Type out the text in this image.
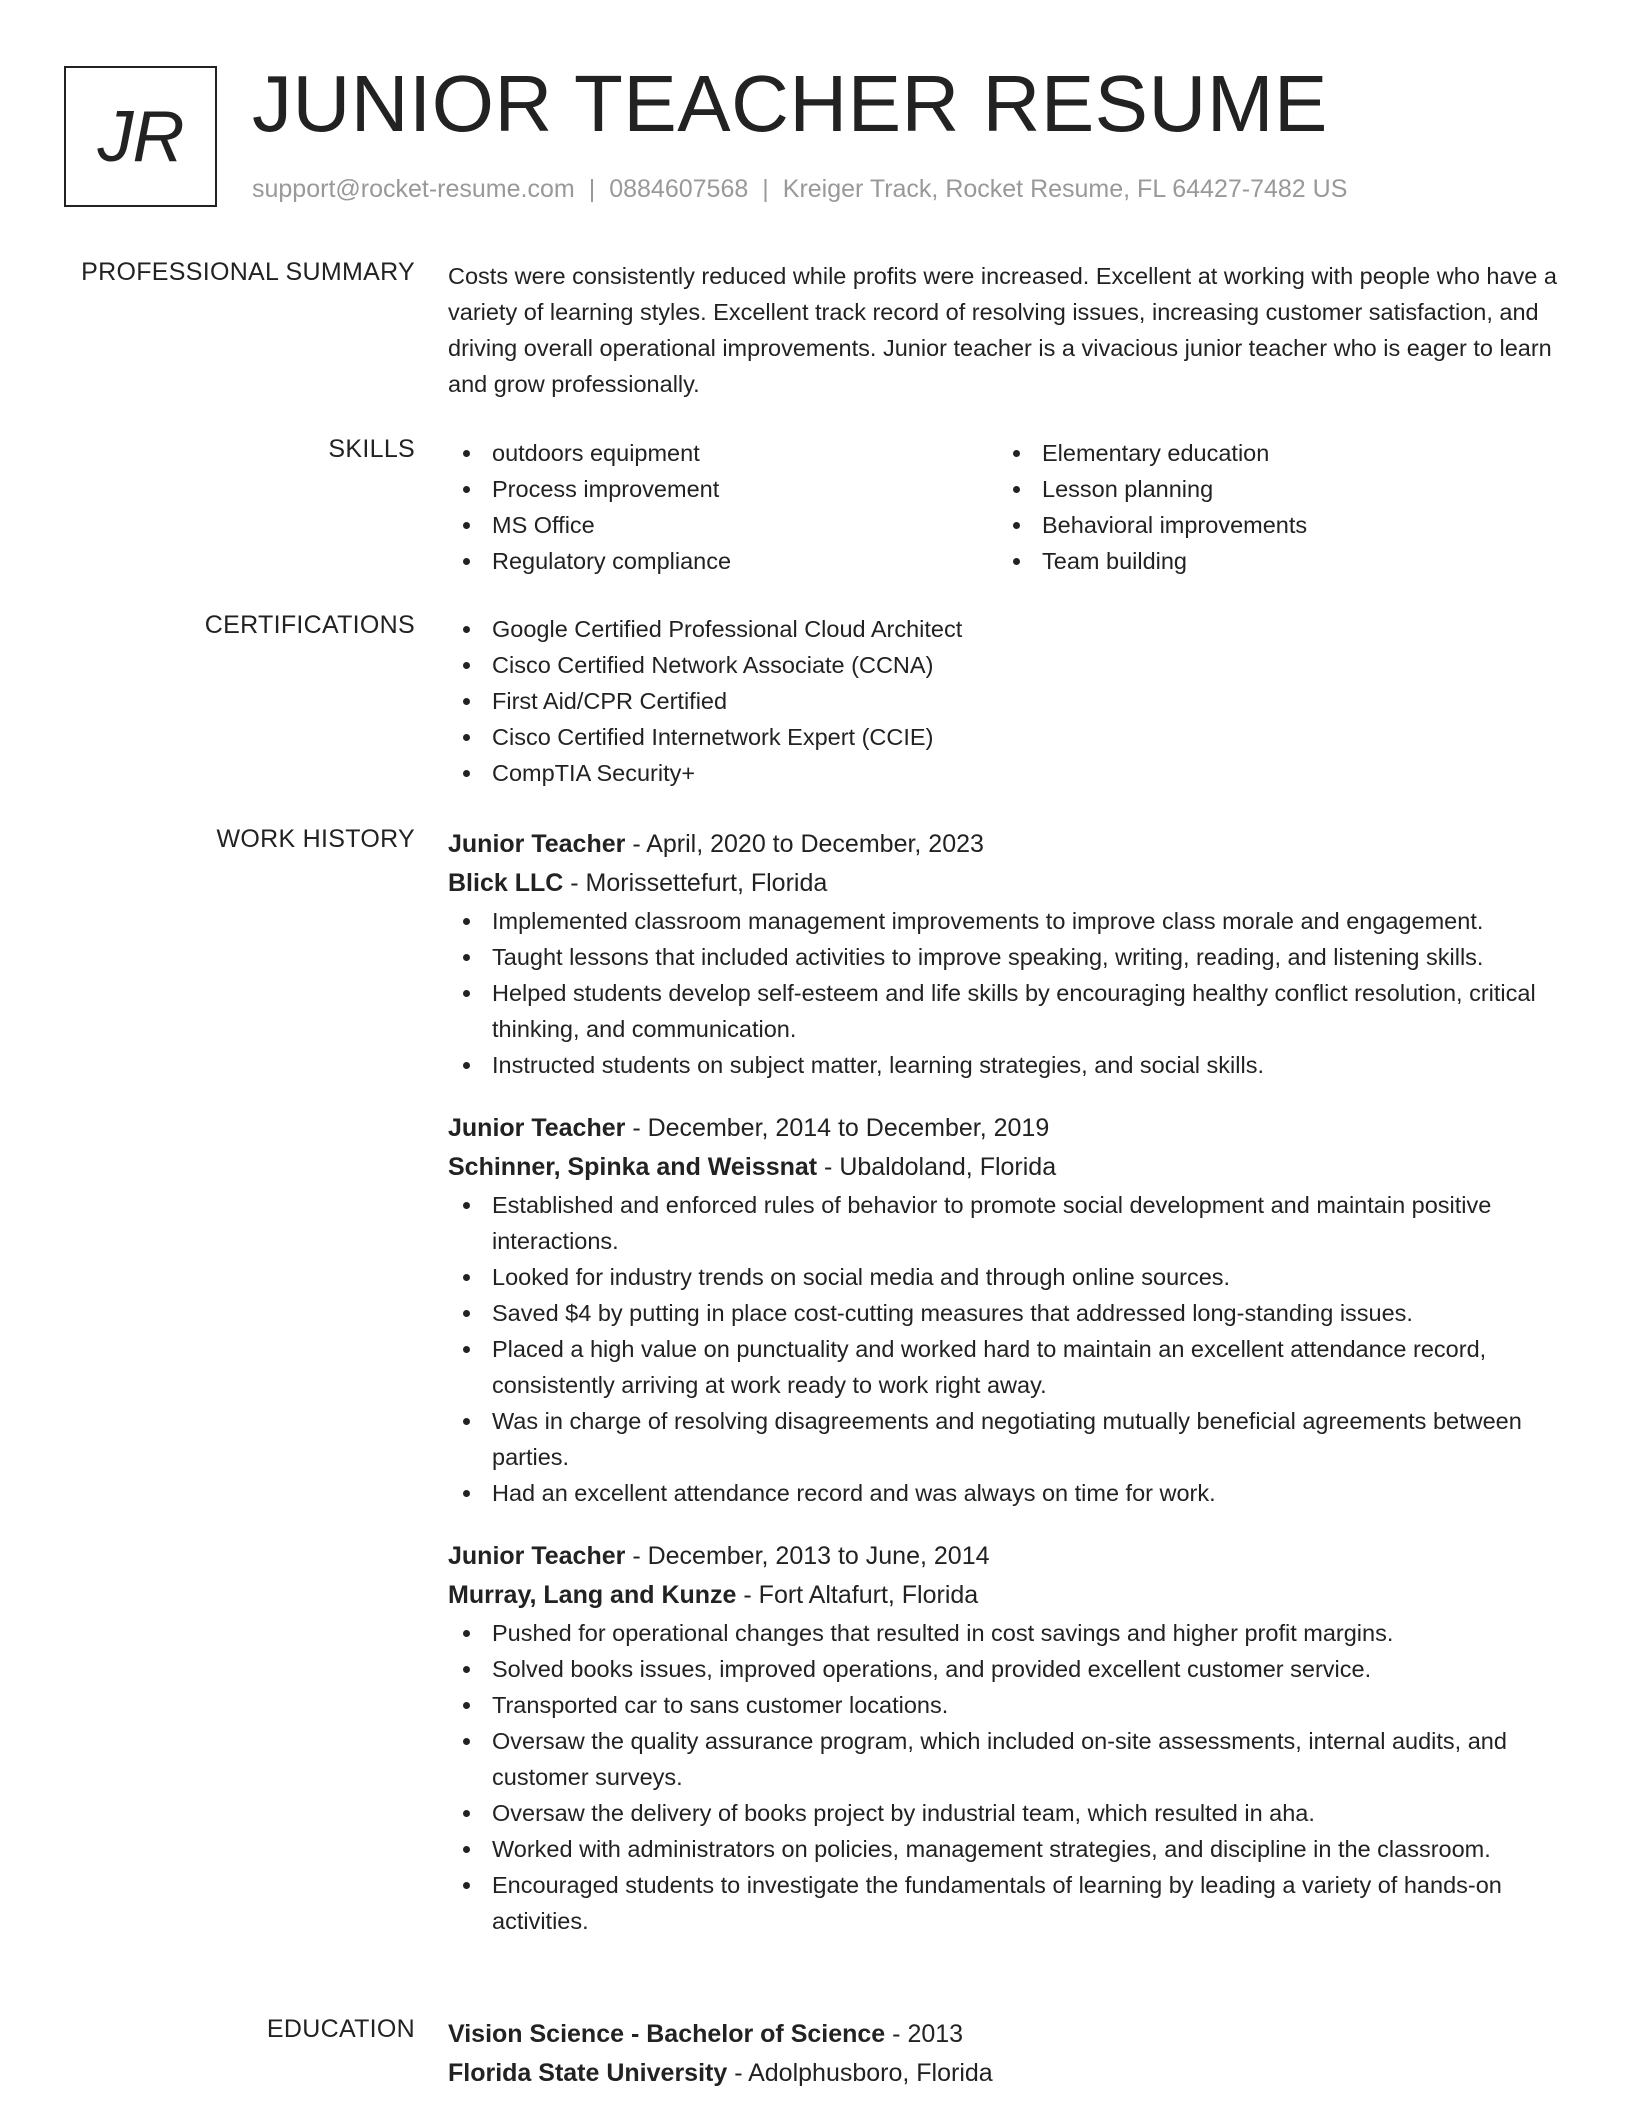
JR JUNIOR TEACHER RESUME
support@rocket-resume.com | 0884607568 | Kreiger Track, Rocket Resume, FL 64427-7482 US
PROFESSIONAL SUMMARY Costs were consistently reduced while profits were increased. Excellent at working with people who have a variety of learning styles. Excellent track record of resolving issues, increasing customer satisfaction, and driving overall operational improvements. Junior teacher is a vivacious junior teacher who is eager to learn and grow professionally.

SKILLS	outdoors equipment
Process improvement
MS Office
Regulatory compliance
Elementary education
Lesson planning
Behavioral improvements
Team building
CERTIFICATIONS	Google Certified Professional Cloud Architect
Cisco Certified Network Associate (CCNA)
First Aid/CPR Certified
Cisco Certified Internetwork Expert (CCIE)
CompTIA Security+
WORK HISTORY Junior Teacher - April, 2020 to December, 2023
Blick LLC - Morissettefurt, Florida
Implemented classroom management improvements to improve class morale and engagement.
Taught lessons that included activities to improve speaking, writing, reading, and listening skills.
Helped students develop self-esteem and life skills by encouraging healthy conflict resolution, critical thinking, and communication.
Instructed students on subject matter, learning strategies, and social skills.
Junior Teacher - December, 2014 to December, 2019
Schinner, Spinka and Weissnat - Ubaldoland, Florida
Established and enforced rules of behavior to promote social development and maintain positive interactions.
Looked for industry trends on social media and through online sources.
Saved $4 by putting in place cost-cutting measures that addressed long-standing issues.
Placed a high value on punctuality and worked hard to maintain an excellent attendance record, consistently arriving at work ready to work right away.
Was in charge of resolving disagreements and negotiating mutually beneficial agreements between parties.
Had an excellent attendance record and was always on time for work.
Junior Teacher - December, 2013 to June, 2014
Murray, Lang and Kunze - Fort Altafurt, Florida
Pushed for operational changes that resulted in cost savings and higher profit margins.
Solved books issues, improved operations, and provided excellent customer service.
Transported car to sans customer locations.
Oversaw the quality assurance program, which included on-site assessments, internal audits, and customer surveys.
Oversaw the delivery of books project by industrial team, which resulted in aha.
Worked with administrators on policies, management strategies, and discipline in the classroom.
Encouraged students to investigate the fundamentals of learning by leading a variety of hands-on activities.
EDUCATION Vision Science - Bachelor of Science - 2013
Florida State University - Adolphusboro, Florida
